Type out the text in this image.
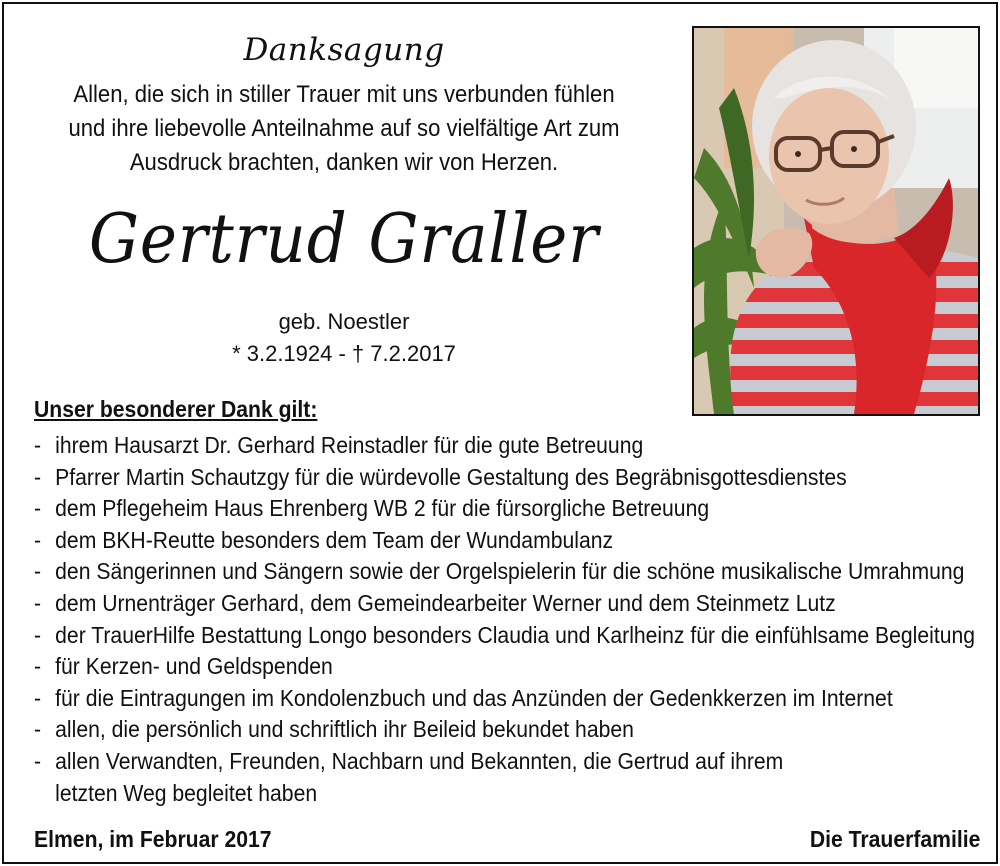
Danksagung
Allen, die sich in stiller Trauer mit uns verbunden fühlen
und ihre liebevolle Anteilnahme auf so vielfältige Art zum
Ausdruck brachten, danken wir von Herzen.
Gertrud Graller
geb. Noestler
* 3.2.1924 - † 7.2.2017
Unser besonderer Dank gilt:
- ihrem Hausarzt Dr. Gerhard Reinstadler für die gute Betreuung
- Pfarrer Martin Schautzgy für die würdevolle Gestaltung des Begräbnisgottesdienstes
- dem Pflegeheim Haus Ehrenberg WB 2 für die fürsorgliche Betreuung
- dem BKH-Reutte besonders dem Team der Wundambulanz
- den Sängerinnen und Sängern sowie der Orgelspielerin für die schöne musikalische Umrahmung
- dem Urnenträger Gerhard, dem Gemeindearbeiter Werner und dem Steinmetz Lutz
- der TrauerHilfe Bestattung Longo besonders Claudia und Karlheinz für die einfühlsame Begleitung
- für Kerzen- und Geldspenden
- für die Eintragungen im Kondolenzbuch und das Anzünden der Gedenkkerzen im Internet
- allen, die persönlich und schriftlich ihr Beileid bekundet haben
- allen Verwandten, Freunden, Nachbarn und Bekannten, die Gertrud auf ihrem
letzten Weg begleitet haben
Elmen, im Februar 2017	Die Trauerfamilie
